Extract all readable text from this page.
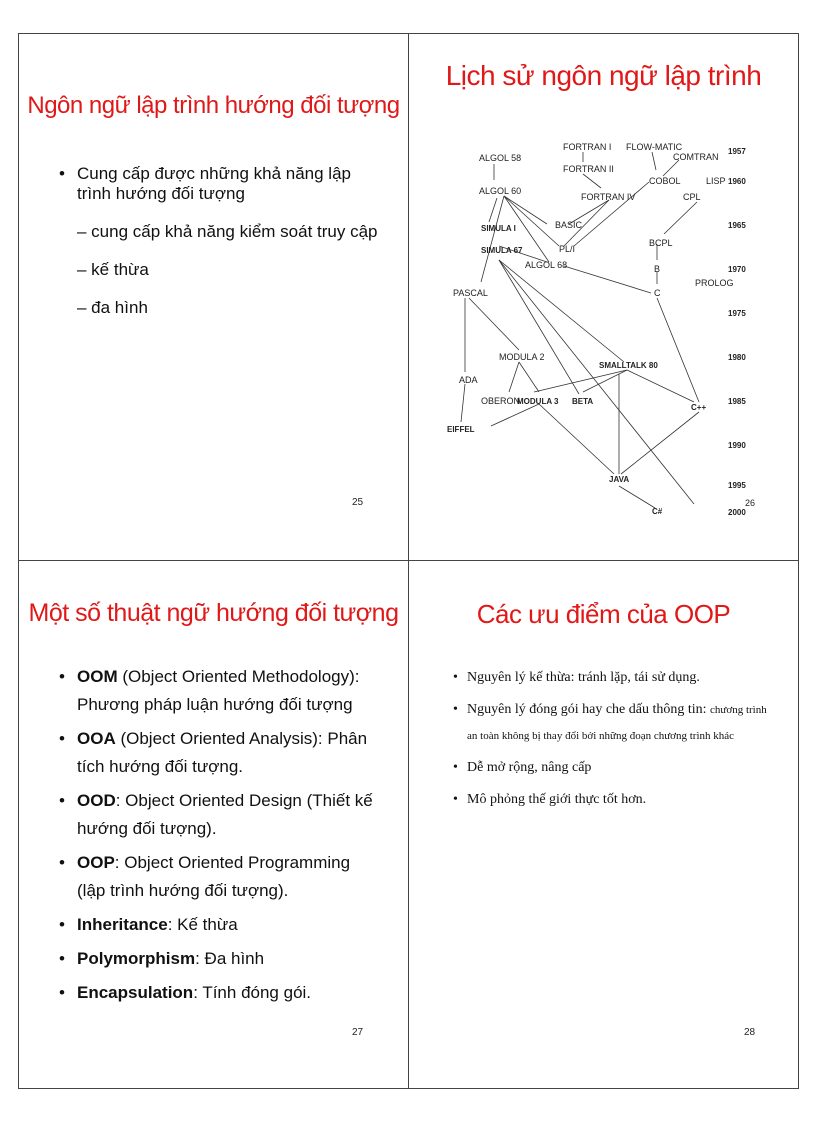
Ngôn ngữ lập trình hướng đối tượng
• Cung cấp được những khả năng lập trình hướng đối tượng
– cung cấp khả năng kiểm soát truy cập
– kế thừa
– đa hình
25
Lịch sử ngôn ngữ lập trình
ALGOL 58
FORTRAN I FLOW-MATIC
FORTRAN II
COMTRAN
ALGOL 60
COBOL	LISP
FORTRAN IV	CPL
SIMULA I	BASIC
SIMULA 67	PL/I
BCPL
ALGOL 68	B
PROLOG
PASCAL	C
MODULA 2
SMALLTALK 80
ADA
OBERON
MODULA 3 BETA
C++
EIFFEL
JAVA
C#
1957
1960
1965
1970
1975
1980
1985
1990
1995
2000
26
Một số thuật ngữ hướng đối tượng
• OOM (Object Oriented Methodology): Phương pháp luận hướng đối tượng
• OOA (Object Oriented Analysis): Phân tích hướng đối tượng.
• OOD: Object Oriented Design (Thiết kế hướng đối tượng).
• OOP: Object Oriented Programming (lập trình hướng đối tượng).
• Inheritance: Kế thừa
• Polymorphism: Đa hình
• Encapsulation: Tính đóng gói.
27
Các ưu điểm của OOP
• Nguyên lý kế thừa: tránh lặp, tái sử dụng.
• Nguyên lý đóng gói hay che dấu thông tin: chương trình an toàn không bị thay đổi bởi những đoạn chương trình khác
• Dễ mở rộng, nâng cấp
• Mô phỏng thế giới thực tốt hơn.
28
